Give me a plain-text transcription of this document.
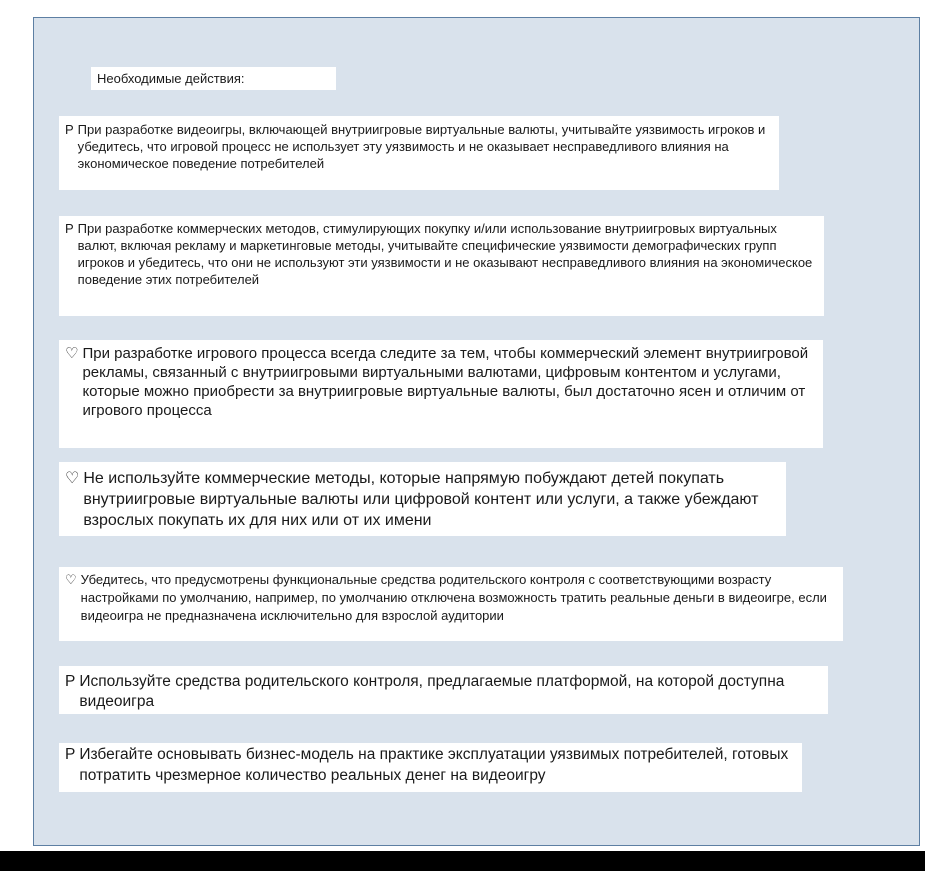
Необходимые действия:
P При разработке видеоигры, включающей внутриигровые виртуальные валюты, учитывайте уязвимость игроков и убедитесь, что игровой процесс не использует эту уязвимость и не оказывает несправедливого влияния на экономическое поведение потребителей
P При разработке коммерческих методов, стимулирующих покупку и/или использование внутриигровых виртуальных валют, включая рекламу и маркетинговые методы, учитывайте специфические уязвимости демографических групп игроков и убедитесь, что они не используют эти уязвимости и не оказывают несправедливого влияния на экономическое поведение этих потребителей
♡ При разработке игрового процесса всегда следите за тем, чтобы коммерческий элемент внутриигровой рекламы, связанный с внутриигровыми виртуальными валютами, цифровым контентом и услугами, которые можно приобрести за внутриигровые виртуальные валюты, был достаточно ясен и отличим от игрового процесса
♡ Не используйте коммерческие методы, которые напрямую побуждают детей покупать внутриигровые виртуальные валюты или цифровой контент или услуги, а также убеждают взрослых покупать их для них или от их имени
♡ Убедитесь, что предусмотрены функциональные средства родительского контроля с соответствующими возрасту настройками по умолчанию, например, по умолчанию отключена возможность тратить реальные деньги в видеоигре, если видеоигра не предназначена исключительно для взрослой аудитории
P Используйте средства родительского контроля, предлагаемые платформой, на которой доступна видеоигра
P Избегайте основывать бизнес-модель на практике эксплуатации уязвимых потребителей, готовых потратить чрезмерное количество реальных денег на видеоигру
